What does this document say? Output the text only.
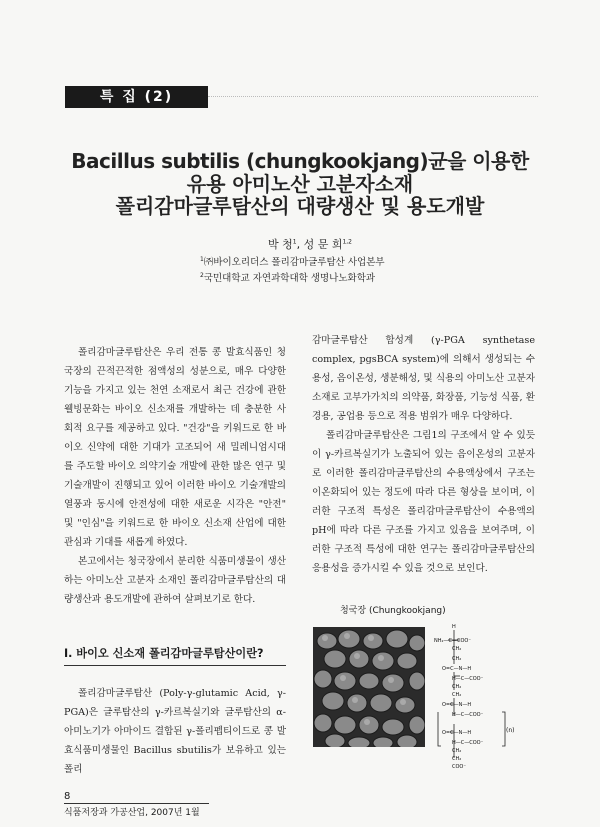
특 집 (2)
Bacillus subtilis (chungkookjang)균을 이용한
유용 아미노산 고분자소재
폴리감마글루탐산의 대량생산 및 용도개발
박 청$^1$, 성 문 희$^{1,2}$
$^1$㈜바이오리더스 폴리감마글루탐산 사업본부
$^2$국민대학교 자연과학대학 생명나노화학과

폴리감마글루탐산은 우리 전통 콩 발효식품인 청국장의 끈적끈적한 점액성의 성분으로, 매우 다양한 기능을 가지고 있는 천연 소재로서 최근 건강에 관한 웰빙문화는 바이오 신소재를 개발하는 데 충분한 사회적 요구를 제공하고 있다. "건강"을 키워드로 한 바이오 신약에 대한 기대가 고조되어 새 밀레니엄시대를 주도할 바이오 의약기술 개발에 관한 많은 연구 및 기술개발이 진행되고 있어 이러한 바이오 기술개발의 열풍과 동시에 안전성에 대한 새로운 시각은 "안전" 및 "인심"을 키워드로 한 바이오 신소재 산업에 대한 관심과 기대를 새롭게 하였다.

본고에서는 청국장에서 분리한 식품미생물이 생산하는 아미노산 고분자 소재인 폴리감마글루탐산의 대량생산과 용도개발에 관하여 살펴보기로 한다.

Ⅰ. 바이오 신소재 폴리감마글루탐산이란?

폴리감마글루탐산 (Poly-γ-glutamic Acid, γ-PGA)은 글루탐산의 γ-카르복실기와 글루탐산의 α-아미노기가 아마이드 결합된 γ-폴리펩티이드로 콩 발효식품미생물인 Bacillus sbutilis가 보유하고 있는 폴리

감마글루탐산 합성계 (γ-PGA synthetase complex, pgsBCA system)에 의해서 생성되는 수용성, 음이온성, 생분해성, 및 식용의 아미노산 고분자소재로 고부가가치의 의약품, 화장품, 기능성 식품, 환경용, 공업용 등으로 적용 범위가 매우 다양하다.

폴리감마글루탐산은 그림1의 구조에서 알 수 있듯이 γ-카르복실기가 노출되어 있는 음이온성의 고분자로 이러한 폴리감마글루탐산의 수용액상에서 구조는 이온화되어 있는 정도에 따라 다른 형상을 보이며, 이러한 구조적 특성은 폴리감마글루탐산이 수용액의 pH에 따라 다른 구조를 가지고 있음을 보여주며, 이러한 구조적 특성에 대한 연구는 폴리감마글루탐산의 응용성을 증가시킬 수 있을 것으로 보인다.

청국장 (Chungkookjang)
H
NH₂—C—COO⁻
CH₂
CH₂
O=C—N—H
H—C—COO⁻
CH₂
CH₂
O=C—N—H
H—C—COO⁻
O=C—N—H
H—C—COO⁻
CH₂
CH₂
COO⁻
(n)
8
식품저장과 가공산업, 2007년 1월
